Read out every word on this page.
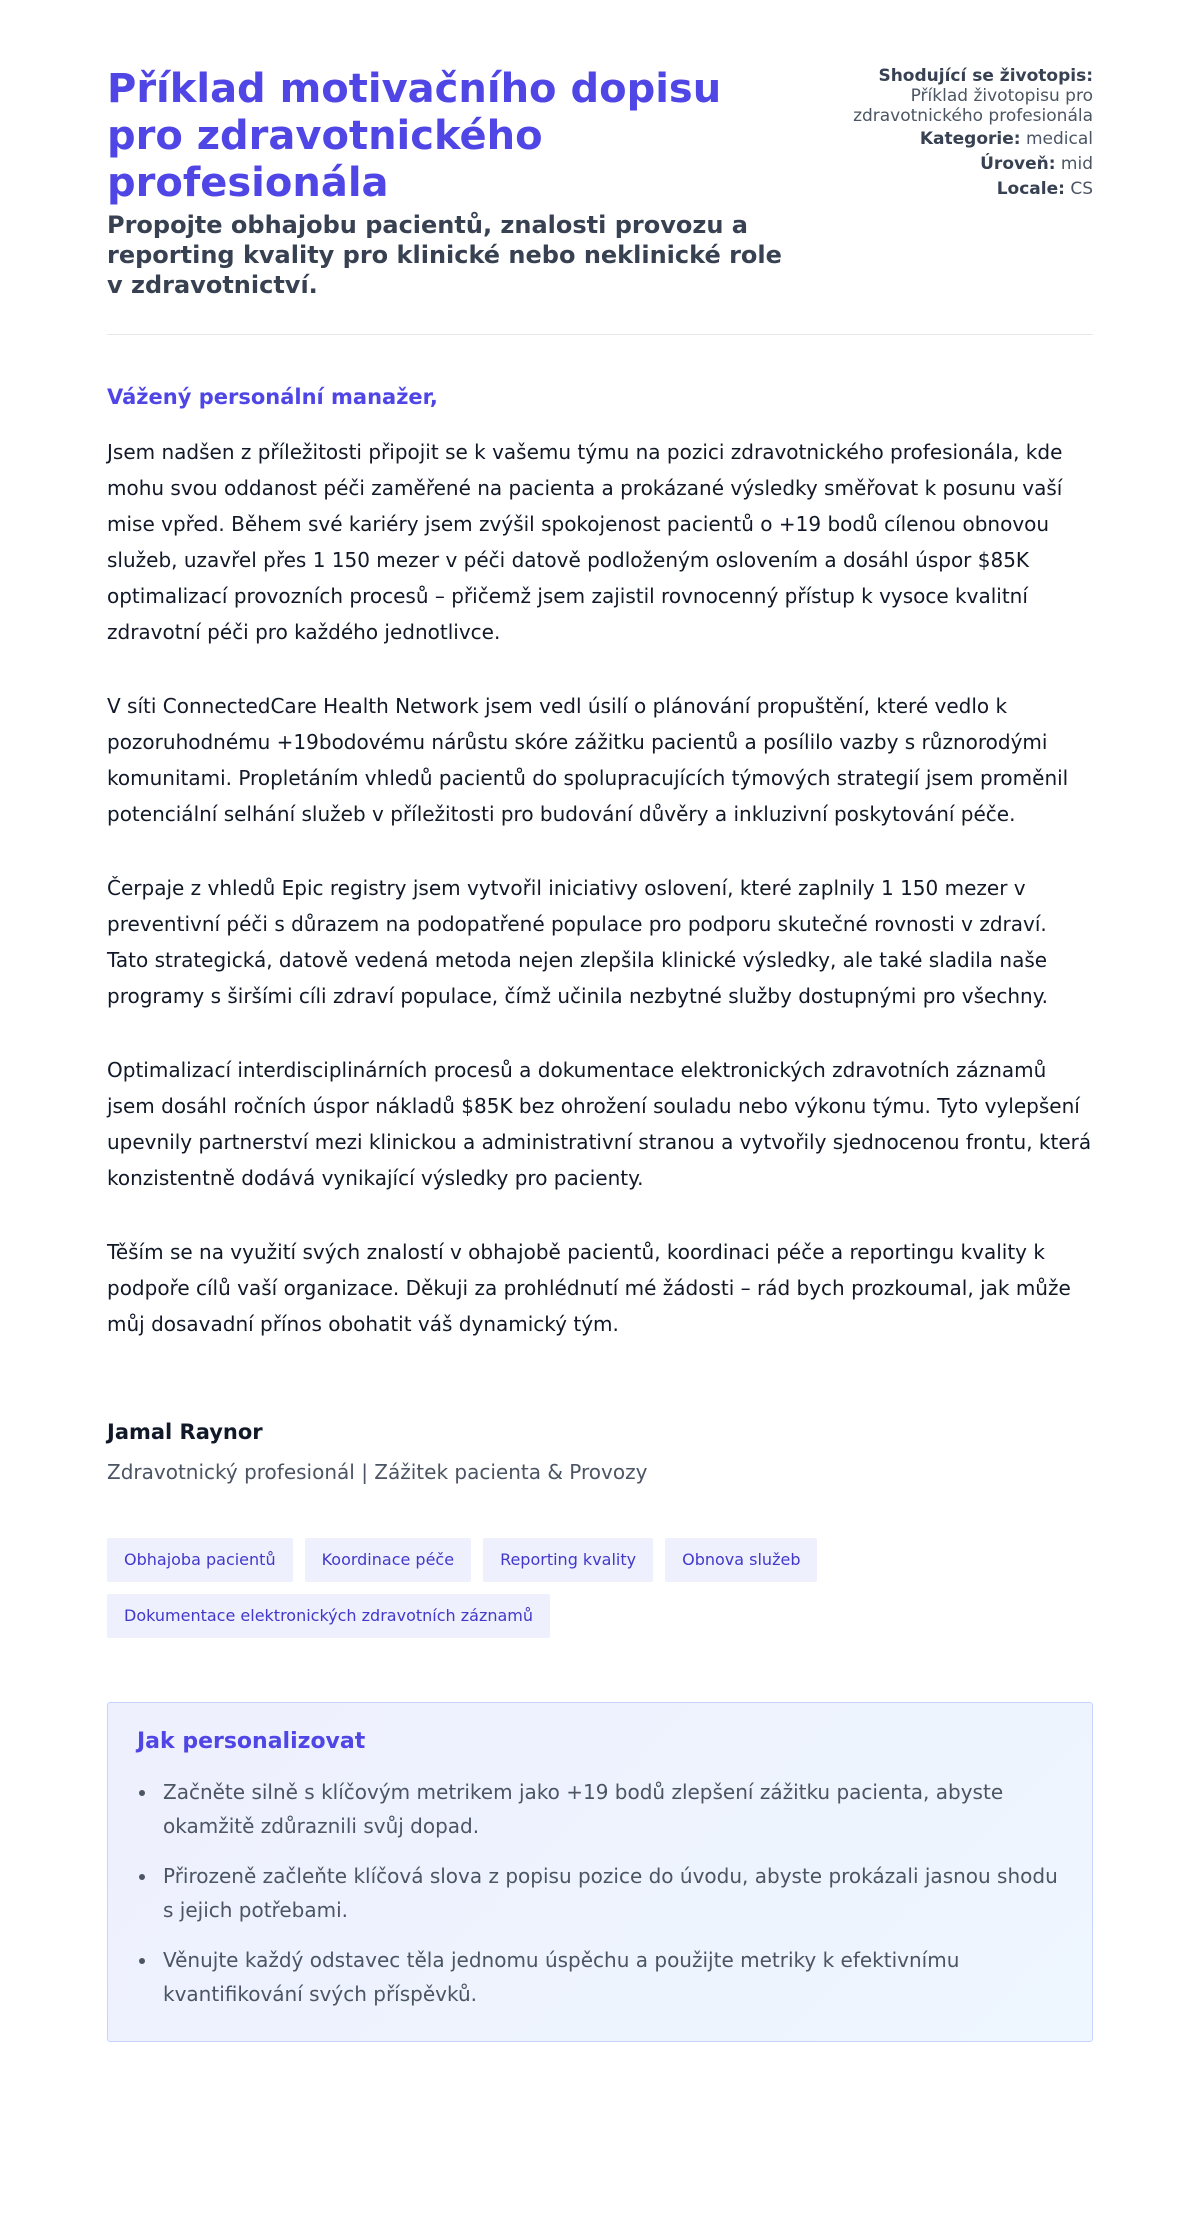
Příklad motivačního dopisu pro zdravotnického profesionála
Propojte obhajobu pacientů, znalosti provozu a reporting kvality pro klinické nebo neklinické role v zdravotnictví.
Shodující se životopis:
Příklad životopisu pro zdravotnického profesionála
Kategorie: medical
Úroveň: mid
Locale: CS

Vážený personální manažer,

Jsem nadšen z příležitosti připojit se k vašemu týmu na pozici zdravotnického profesionála, kde mohu svou oddanost péči zaměřené na pacienta a prokázané výsledky směřovat k posunu vaší mise vpřed. Během své kariéry jsem zvýšil spokojenost pacientů o +19 bodů cílenou obnovou služeb, uzavřel přes 1 150 mezer v péči datově podloženým oslovením a dosáhl úspor $85K optimalizací provozních procesů – přičemž jsem zajistil rovnocenný přístup k vysoce kvalitní zdravotní péči pro každého jednotlivce.

V síti ConnectedCare Health Network jsem vedl úsilí o plánování propuštění, které vedlo k pozoruhodnému +19bodovému nárůstu skóre zážitku pacientů a posílilo vazby s různorodými komunitami. Propletáním vhledů pacientů do spolupracujících týmových strategií jsem proměnil potenciální selhání služeb v příležitosti pro budování důvěry a inkluzivní poskytování péče.

Čerpaje z vhledů Epic registry jsem vytvořil iniciativy oslovení, které zaplnily 1 150 mezer v preventivní péči s důrazem na podopatřené populace pro podporu skutečné rovnosti v zdraví. Tato strategická, datově vedená metoda nejen zlepšila klinické výsledky, ale také sladila naše programy s širšími cíli zdraví populace, čímž učinila nezbytné služby dostupnými pro všechny.

Optimalizací interdisciplinárních procesů a dokumentace elektronických zdravotních záznamů jsem dosáhl ročních úspor nákladů $85K bez ohrožení souladu nebo výkonu týmu. Tyto vylepšení upevnily partnerství mezi klinickou a administrativní stranou a vytvořily sjednocenou frontu, která konzistentně dodává vynikající výsledky pro pacienty.

Těším se na využití svých znalostí v obhajobě pacientů, koordinaci péče a reportingu kvality k podpoře cílů vaší organizace. Děkuji za prohlédnutí mé žádosti – rád bych prozkoumal, jak může můj dosavadní přínos obohatit váš dynamický tým.

Jamal Raynor
Zdravotnický profesionál | Zážitek pacienta & Provozy
Obhajoba pacientů	Koordinace péče	Reporting kvality	Obnova služeb
Dokumentace elektronických zdravotních záznamů
Jak personalizovat
Začněte silně s klíčovým metrikem jako +19 bodů zlepšení zážitku pacienta, abyste okamžitě zdůraznili svůj dopad.
Přirozeně začleňte klíčová slova z popisu pozice do úvodu, abyste prokázali jasnou shodu s jejich potřebami.
Věnujte každý odstavec těla jednomu úspěchu a použijte metriky k efektivnímu kvantifikování svých příspěvků.
